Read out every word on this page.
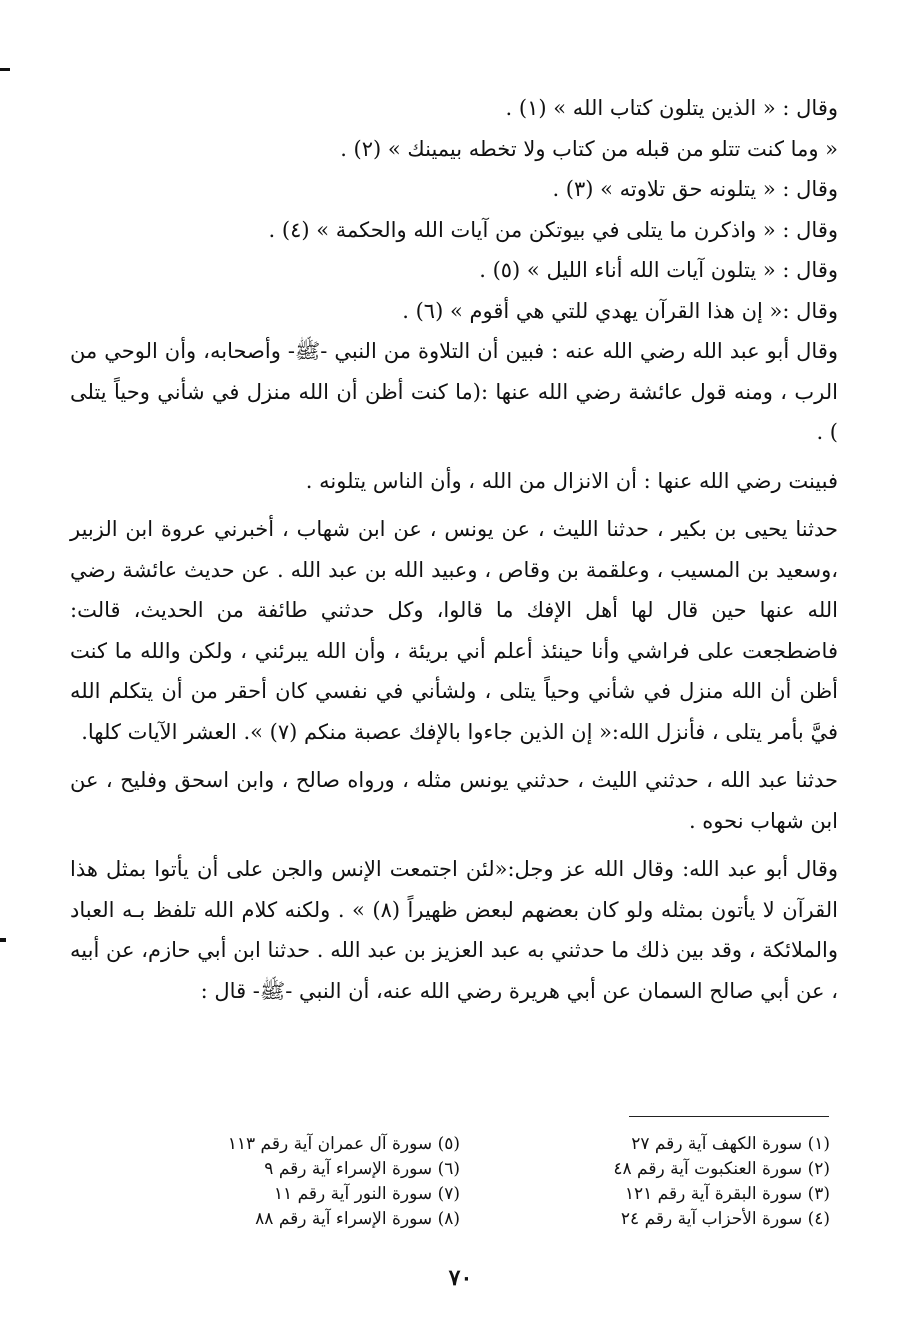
وقال : « الذين يتلون كتاب الله » (١) .

« وما كنت تتلو من قبله من كتاب ولا تخطه بيمينك » (٢) .

وقال : « يتلونه حق تلاوته » (٣) .

وقال : « واذكرن ما يتلى في بيوتكن من آيات الله والحكمة » (٤) .

وقال : « يتلون آيات الله أناء الليل » (٥) .

وقال :« إن هذا القرآن يهدي للتي هي أقوم » (٦) .

وقال أبو عبد الله رضي الله عنه : فبين أن التلاوة من النبي -ﷺ- وأصحابه، وأن الوحي من الرب ، ومنه قول عائشة رضي الله عنها :(ما كنت أظن أن الله منزل في شأني وحياً يتلى ) .

فبينت رضي الله عنها : أن الانزال من الله ، وأن الناس يتلونه .

حدثنا يحيى بن بكير ، حدثنا الليث ، عن يونس ، عن ابن شهاب ، أخبرني عروة ابن الزبير ،وسعيد بن المسيب ، وعلقمة بن وقاص ، وعبيد الله بن عبد الله . عن حديث عائشة رضي الله عنها حين قال لها أهل الإفك ما قالوا، وكل حدثني طائفة من الحديث، قالت: فاضطجعت على فراشي وأنا حينئذ أعلم أني بريئة ، وأن الله يبرئني ، ولكن والله ما كنت أظن أن الله منزل في شأني وحياً يتلى ، ولشأني في نفسي كان أحقر من أن يتكلم الله فيَّ بأمر يتلى ، فأنزل الله:« إن الذين جاءوا بالإفك عصبة منكم (٧) ». العشر الآيات كلها.

حدثنا عبد الله ، حدثني الليث ، حدثني يونس مثله ، ورواه صالح ، وابن اسحق وفليح ، عن ابن شهاب نحوه .

وقال أبو عبد الله: وقال الله عز وجل:«لئن اجتمعت الإنس والجن على أن يأتوا بمثل هذا القرآن لا يأتون بمثله ولو كان بعضهم لبعض ظهيراً (٨) » . ولكنه كلام الله تلفظ بـه العباد والملائكة ، وقد بين ذلك ما حدثني به عبد العزيز بن عبد الله . حدثنا ابن أبي حازم، عن أبيه ، عن أبي صالح السمان عن أبي هريرة رضي الله عنه، أن النبي -ﷺ- قال :

(١) سورة الكهف آية رقم ٢٧

(٢) سورة العنكبوت آية رقم ٤٨

(٣) سورة البقرة آية رقم ١٢١

(٤) سورة الأحزاب آية رقم ٢٤

(٥) سورة آل عمران آية رقم ١١٣

(٦) سورة الإسراء آية رقم ٩

(٧) سورة النور آية رقم ١١

(٨) سورة الإسراء آية رقم ٨٨

٧٠
